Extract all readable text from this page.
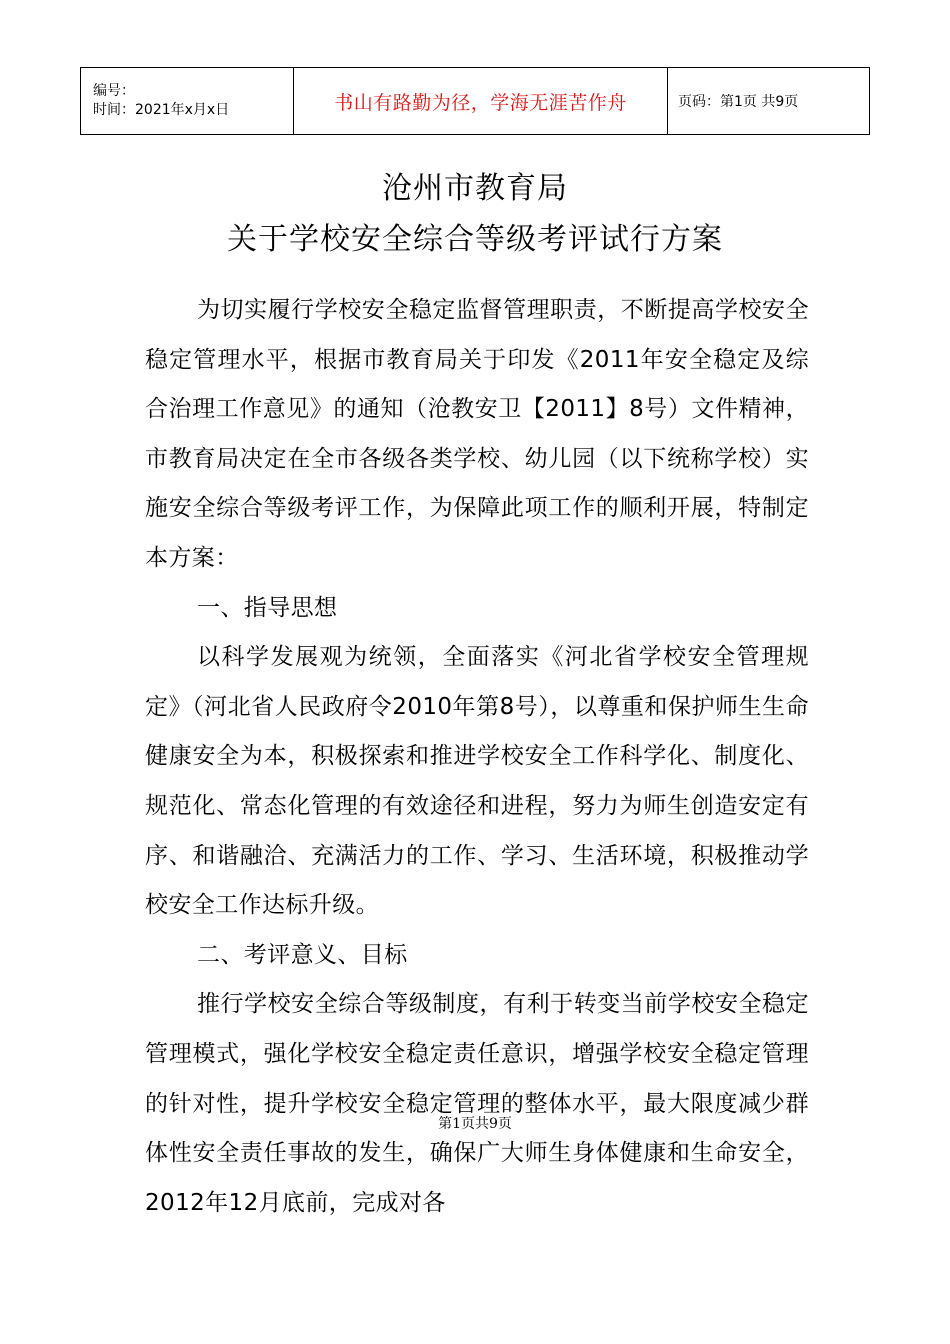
编号：
时间：2021年x月x日	书山有路勤为径，学海无涯苦作舟	页码：第1页 共9页
沧州市教育局
关于学校安全综合等级考评试行方案

为切实履行学校安全稳定监督管理职责，不断提高学校安全稳定管理水平，根据市教育局关于印发《2011年安全稳定及综合治理工作意见》的通知（沧教安卫【2011】8号）文件精神，市教育局决定在全市各级各类学校、幼儿园（以下统称学校）实施安全综合等级考评工作，为保障此项工作的顺利开展，特制定本方案：

一、指导思想

以科学发展观为统领，全面落实《河北省学校安全管理规定》（河北省人民政府令2010年第8号），以尊重和保护师生生命健康安全为本，积极探索和推进学校安全工作科学化、制度化、规范化、常态化管理的有效途径和进程，努力为师生创造安定有序、和谐融洽、充满活力的工作、学习、生活环境，积极推动学校安全工作达标升级。

二、考评意义、目标

推行学校安全综合等级制度，有利于转变当前学校安全稳定管理模式，强化学校安全稳定责任意识，增强学校安全稳定管理的针对性，提升学校安全稳定管理的整体水平，最大限度减少群体性安全责任事故的发生，确保广大师生身体健康和生命安全， 2012年12月底前，完成对各

第1页共9页
